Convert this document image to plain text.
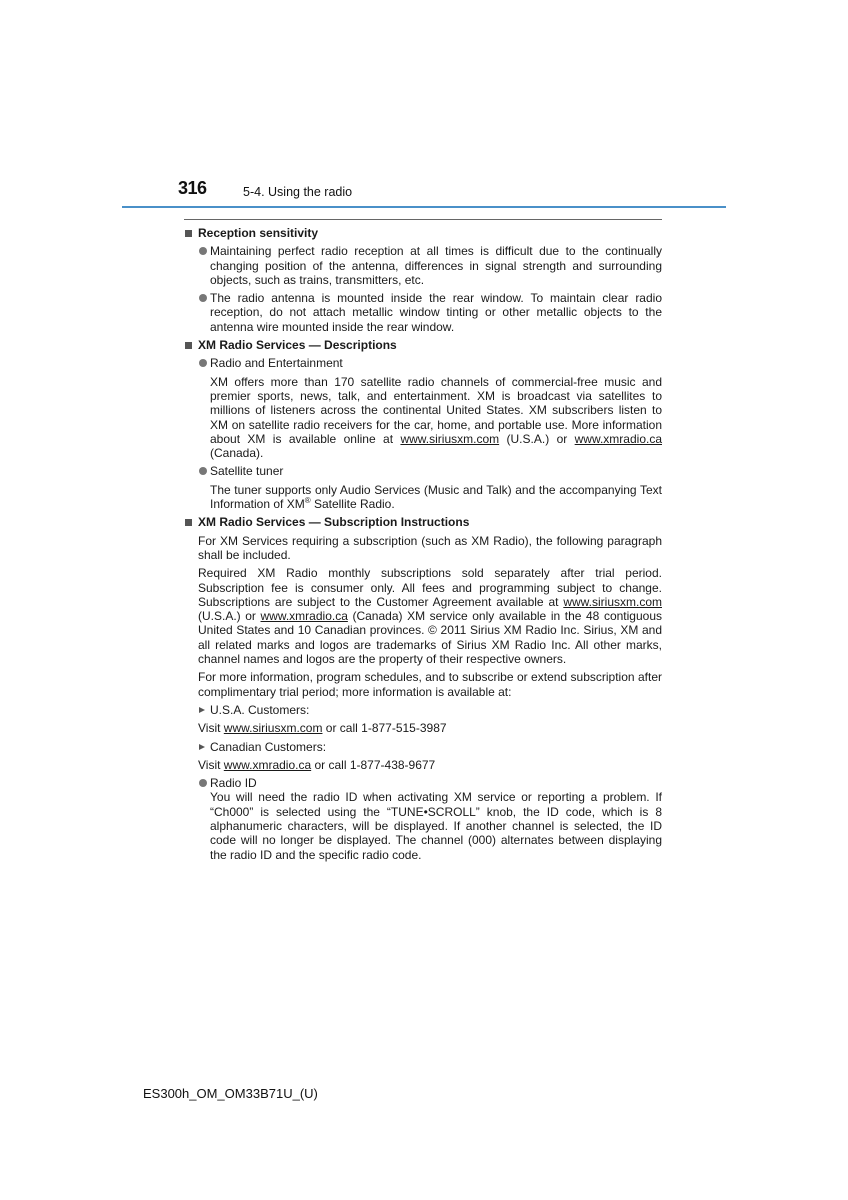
316	5-4. Using the radio
Reception sensitivity
Maintaining perfect radio reception at all times is difficult due to the continually changing position of the antenna, differences in signal strength and surrounding objects, such as trains, transmitters, etc.
The radio antenna is mounted inside the rear window. To maintain clear radio reception, do not attach metallic window tinting or other metallic objects to the antenna wire mounted inside the rear window.
XM Radio Services — Descriptions
Radio and Entertainment
XM offers more than 170 satellite radio channels of commercial-free music and premier sports, news, talk, and entertainment. XM is broadcast via satellites to millions of listeners across the continental United States. XM subscribers listen to XM on satellite radio receivers for the car, home, and portable use. More information about XM is available online at www.siriusxm.com (U.S.A.) or www.xmradio.ca (Canada).
Satellite tuner
The tuner supports only Audio Services (Music and Talk) and the accompanying Text Information of XM® Satellite Radio.
XM Radio Services — Subscription Instructions
For XM Services requiring a subscription (such as XM Radio), the following paragraph shall be included.
Required XM Radio monthly subscriptions sold separately after trial period. Subscription fee is consumer only. All fees and programming subject to change. Subscriptions are subject to the Customer Agreement available at www.siriusxm.com (U.S.A.) or www.xmradio.ca (Canada) XM service only available in the 48 contiguous United States and 10 Canadian provinces. © 2011 Sirius XM Radio Inc. Sirius, XM and all related marks and logos are trademarks of Sirius XM Radio Inc. All other marks, channel names and logos are the property of their respective owners.
For more information, program schedules, and to subscribe or extend subscription after complimentary trial period; more information is available at:
U.S.A. Customers:
Visit www.siriusxm.com or call 1-877-515-3987
Canadian Customers:
Visit www.xmradio.ca or call 1-877-438-9677
Radio ID
You will need the radio ID when activating XM service or reporting a problem. If “Ch000” is selected using the “TUNE•SCROLL” knob, the ID code, which is 8 alphanumeric characters, will be displayed. If another channel is selected, the ID code will no longer be displayed. The channel (000) alternates between displaying the radio ID and the specific radio code.
ES300h_OM_OM33B71U_(U)
